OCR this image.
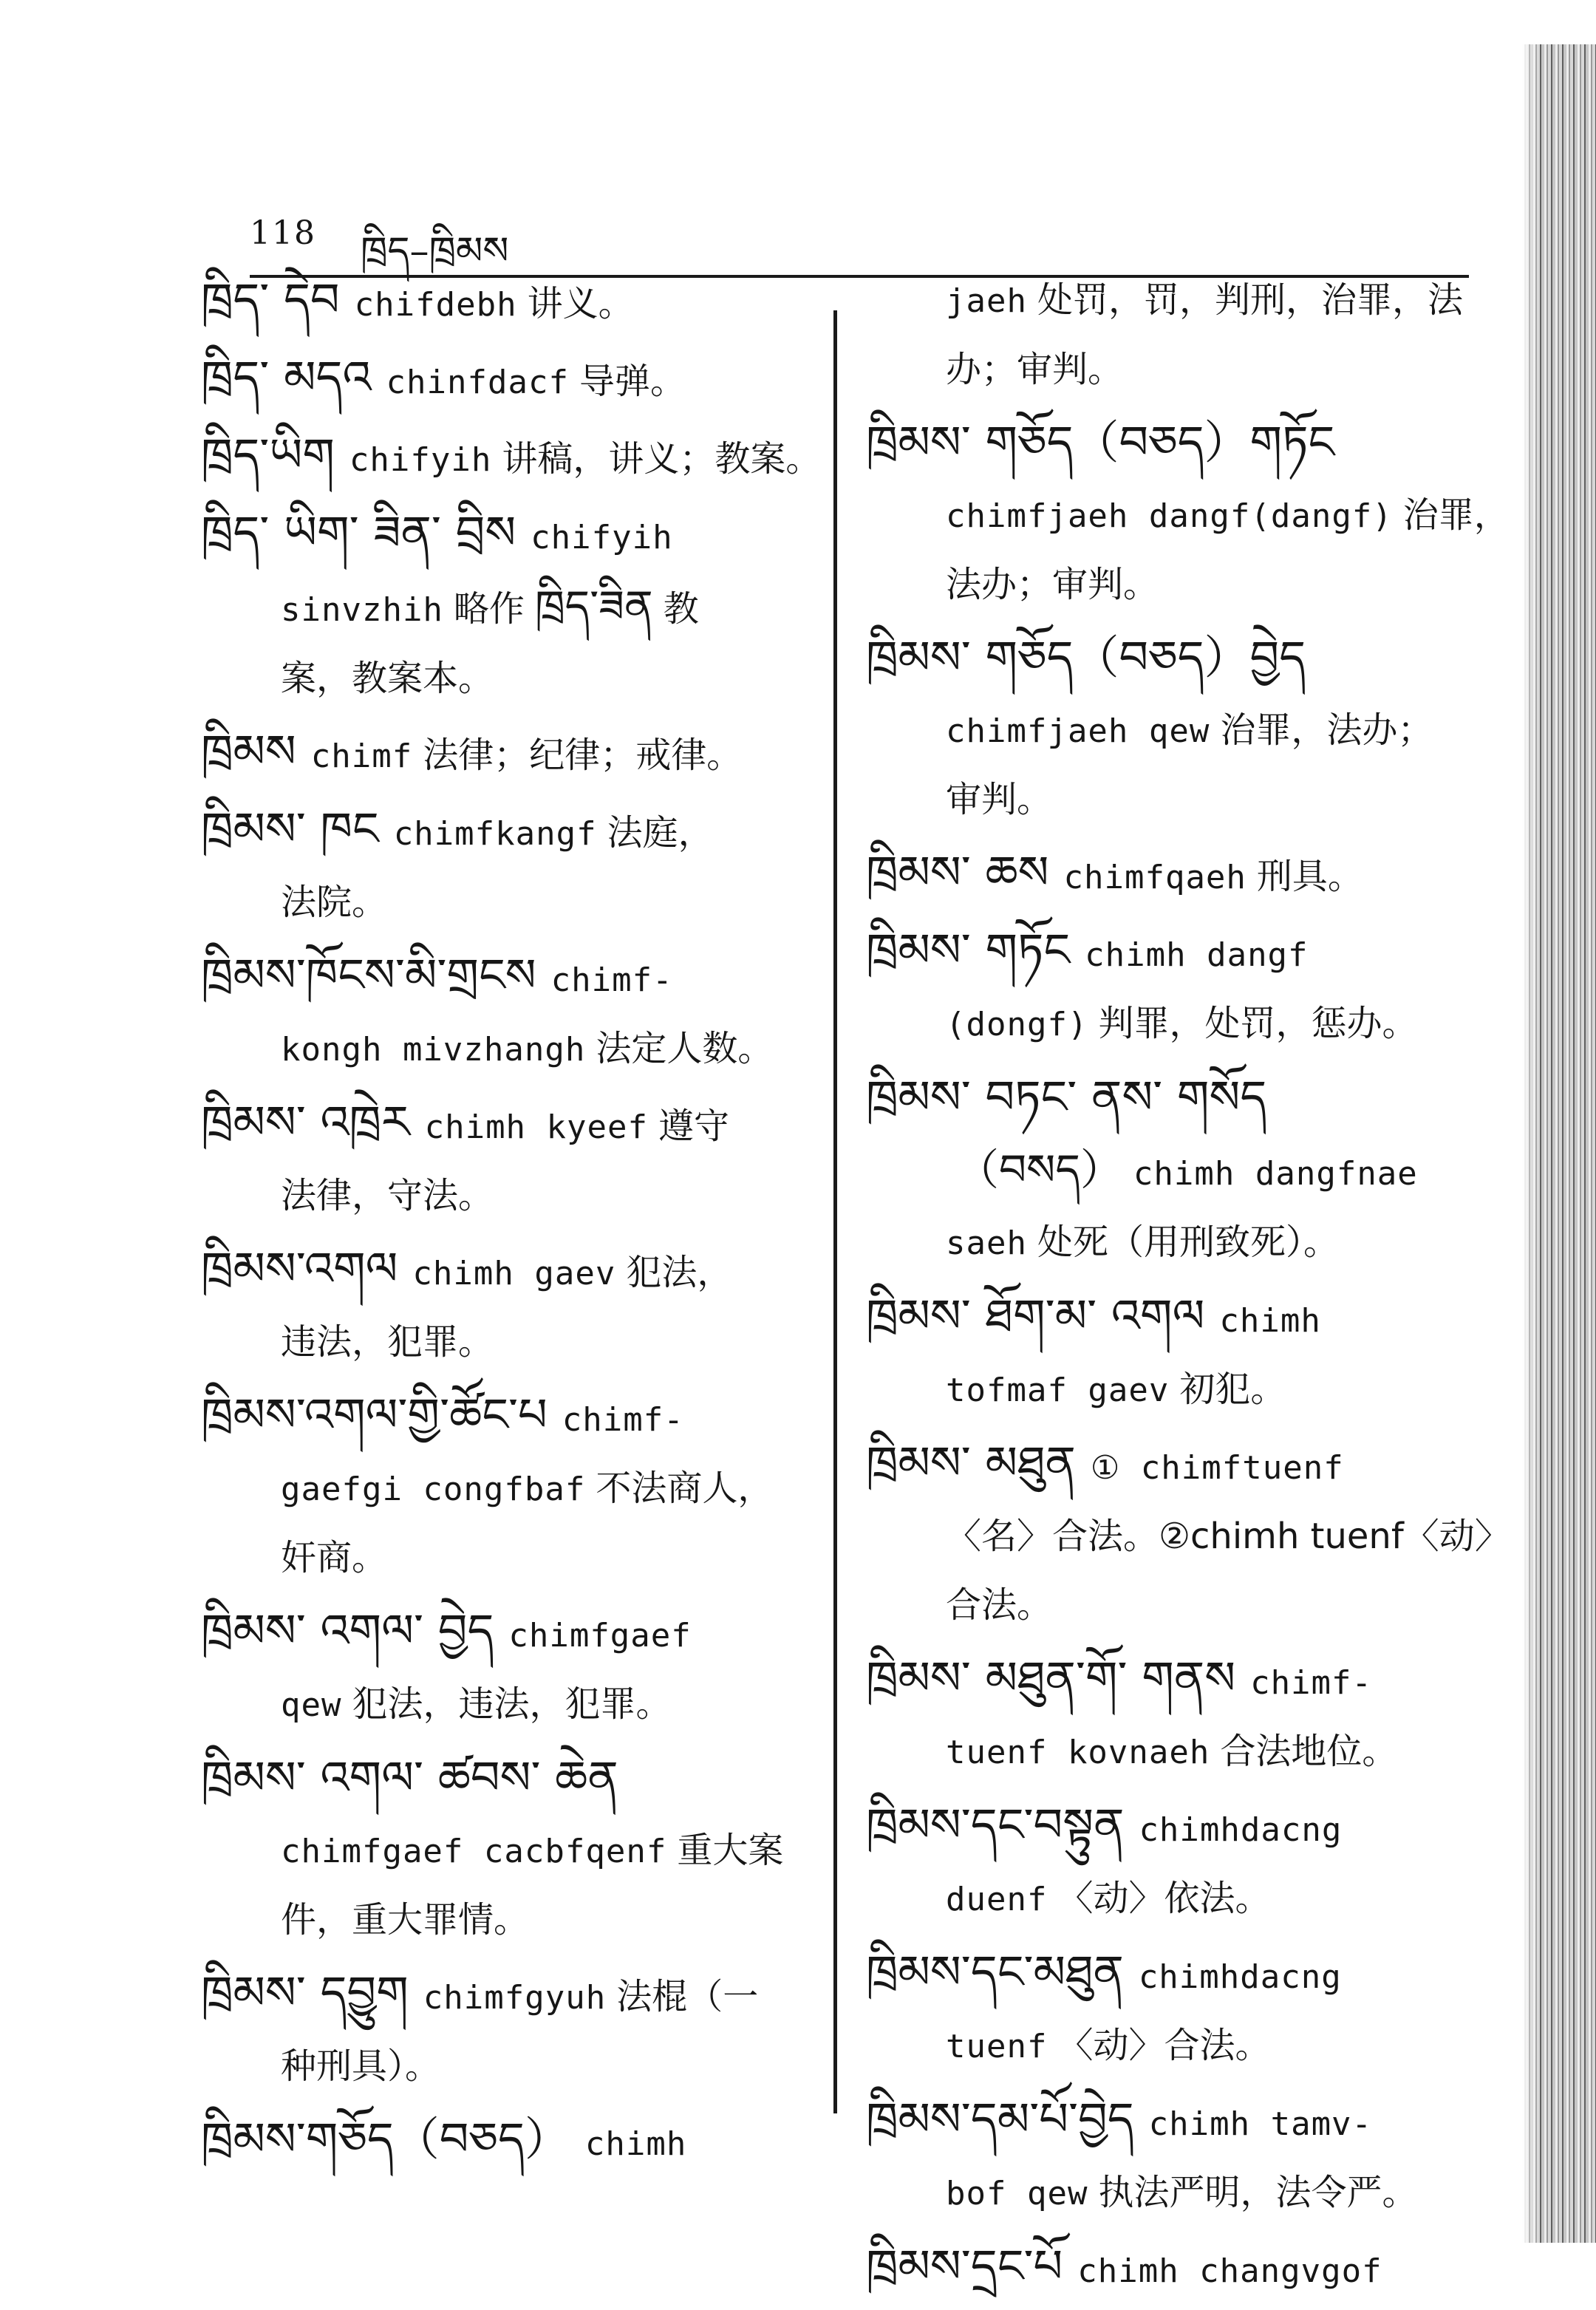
118 ཁྲིད–ཁྲིམས
ཁྲིད་ དེབ chifdebh 讲义。
ཁྲིད་ མདའ chinfdacf 导弹。
ཁྲིད་ཡིག chifyih 讲稿，讲义；教案。
ཁྲིད་ ཡིག་ ཟིན་ བྲིས chifyih
sinvzhih 略作 ཁྲིད་ཟིན 教
案，教案本。
ཁྲིམས chimf 法律；纪律；戒律。
ཁྲིམས་ ཁང chimfkangf 法庭，
法院。
ཁྲིམས་ཁོངས་མི་གྲངས chimf-
kongh mivzhangh 法定人数。
ཁྲིམས་ འཁྲེར chimh kyeef 遵守
法律，守法。
ཁྲིམས་འགལ chimh gaev 犯法，
违法，犯罪。
ཁྲིམས་འགལ་གྱི་ཚོང་པ chimf-
gaefgi congfbaf 不法商人，
奸商。
ཁྲིམས་ འགལ་ བྱེད chimfgaef
qew 犯法，违法，犯罪。
ཁྲིམས་ འགལ་ ཚབས་ ཆེན
chimfgaef cacbfqenf 重大案
件，重大罪情。
ཁྲིམས་ དབྱུག chimfgyuh 法棍（一
种刑具）。
ཁྲིམས་གཅོད（བཅད） chimh
jaeh 处罚，罚，判刑，治罪，法
办；审判。
ཁྲིམས་ གཅོད（བཅད）གཏོང
chimfjaeh dangf(dangf) 治罪，
法办；审判。
ཁྲིམས་ གཅོད（བཅད）བྱེད
chimfjaeh qew 治罪，法办；
审判。
ཁྲིམས་ ཆས chimfqaeh 刑具。
ཁྲིམས་ གཏོང chimh dangf
(dongf) 判罪，处罚，惩办。
ཁྲིམས་ བཏང་ ནས་ གསོད
（བསད） chimh dangfnae
saeh 处死（用刑致死）。
ཁྲིམས་ ཐོག་མ་ འགལ chimh
tofmaf gaev 初犯。
ཁྲིམས་ མཐུན ① chimftuenf
〈名〉合法。②chimh tuenf〈动〉
合法。
ཁྲིམས་ མཐུན་གོ་ གནས chimf-
tuenf kovnaeh 合法地位。
ཁྲིམས་དང་བསྟུན chimhdacng
duenf 〈动〉依法。
ཁྲིམས་དང་མཐུན chimhdacng
tuenf 〈动〉合法。
ཁྲིམས་དམ་པོ་བྱེད chimh tamv-
bof qew 执法严明，法令严。
ཁྲིམས་དྲང་པོ chimh changvgof
